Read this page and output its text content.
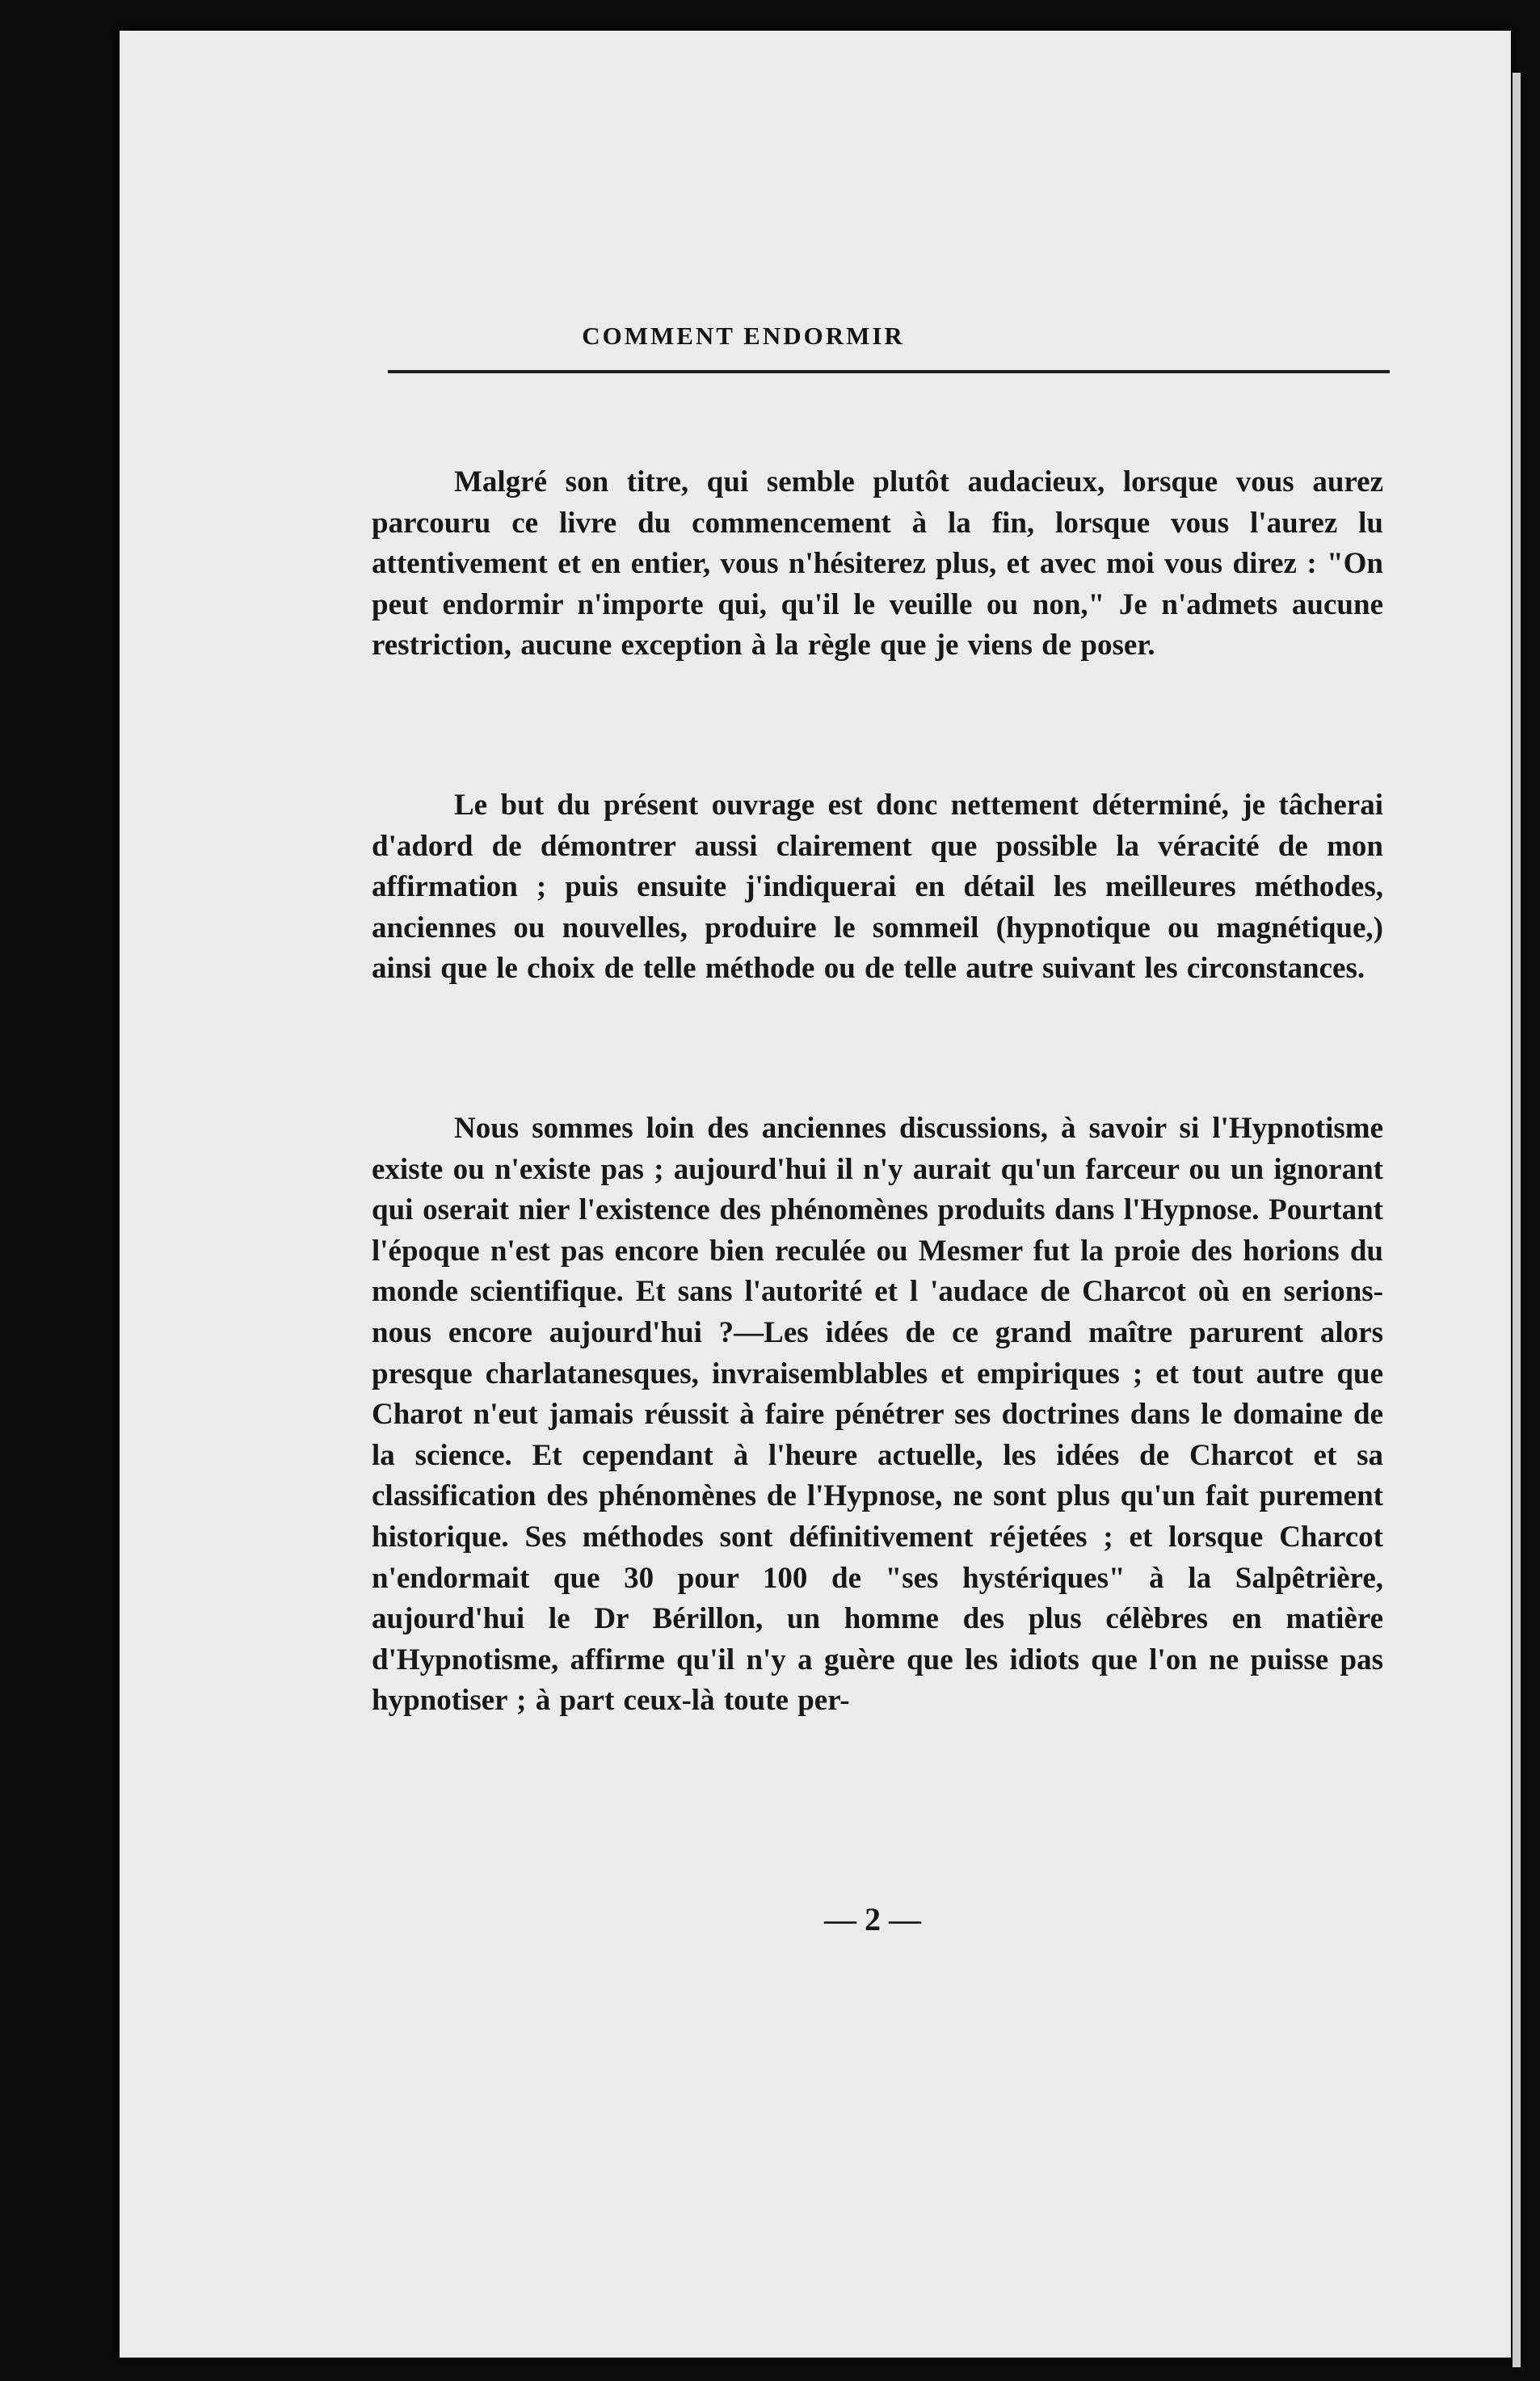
COMMENT ENDORMIR

Malgré son titre, qui semble plutôt audacieux, lorsque vous aurez parcouru ce livre du commencement à la fin, lorsque vous l'aurez lu attentivement et en entier, vous n'hésiterez plus, et avec moi vous direz : "On peut endormir n'importe qui, qu'il le veuille ou non," Je n'admets aucune restriction, aucune exception à la règle que je viens de poser.

Le but du présent ouvrage est donc nettement déterminé, je tâcherai d'adord de démontrer aussi clairement que possible la véracité de mon affirmation ; puis ensuite j'indiquerai en détail les meilleures méthodes, anciennes ou nouvelles, produire le sommeil (hypnotique ou magnétique,) ainsi que le choix de telle méthode ou de telle autre suivant les circonstances.

Nous sommes loin des anciennes discussions, à savoir si l'Hypnotisme existe ou n'existe pas ; aujourd'hui il n'y aurait qu'un farceur ou un ignorant qui oserait nier l'existence des phénomènes produits dans l'Hypnose. Pourtant l'époque n'est pas encore bien reculée ou Mesmer fut la proie des horions du monde scientifique. Et sans l'autorité et l 'audace de Charcot où en serions-nous encore aujourd'hui ?—Les idées de ce grand maître parurent alors presque charlatanesques, invraisemblables et empiriques ; et tout autre que Charot n'eut jamais réussit à faire pénétrer ses doctrines dans le domaine de la science. Et cependant à l'heure actuelle, les idées de Charcot et sa classification des phénomènes de l'Hypnose, ne sont plus qu'un fait purement historique. Ses méthodes sont définitivement réjetées ; et lorsque Charcot n'endormait que 30 pour 100 de "ses hystériques" à la Salpêtrière, aujourd'hui le Dr Bérillon, un homme des plus célèbres en matière d'Hypnotisme, affirme qu'il n'y a guère que les idiots que l'on ne puisse pas hypnotiser ; à part ceux-là toute per-

— 2 —
